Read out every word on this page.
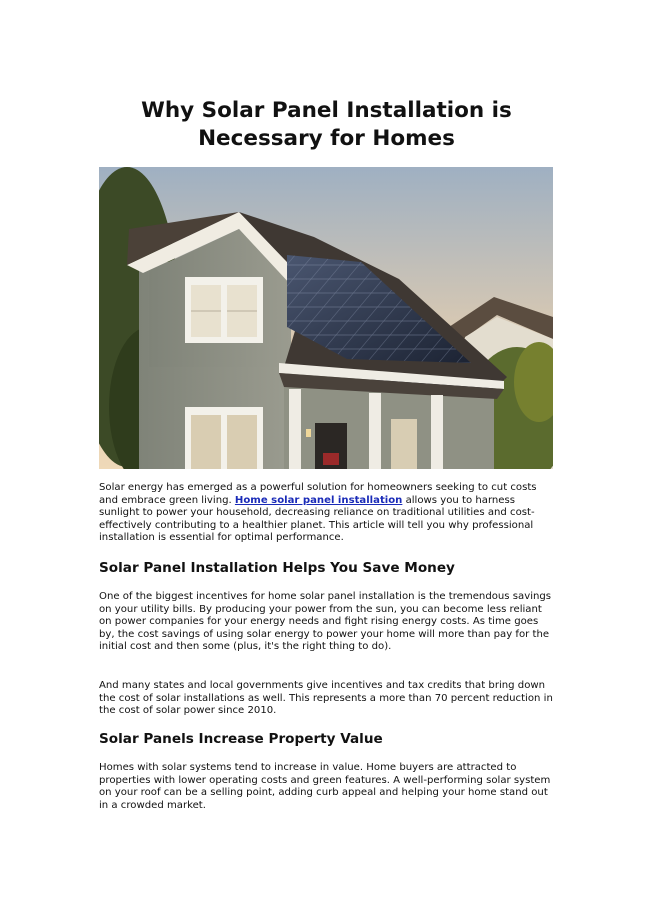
Why Solar Panel Installation is
Necessary for Homes

Solar energy has emerged as a powerful solution for homeowners seeking to cut costs and embrace green living. Home solar panel installation allows you to harness sunlight to power your household, decreasing reliance on traditional utilities and cost-effectively contributing to a healthier planet. This article will tell you why professional installation is essential for optimal performance.

Solar Panel Installation Helps You Save Money

One of the biggest incentives for home solar panel installation is the tremendous savings on your utility bills. By producing your power from the sun, you can become less reliant on power companies for your energy needs and fight rising energy costs. As time goes by, the cost savings of using solar energy to power your home will more than pay for the initial cost and then some (plus, it's the right thing to do).

And many states and local governments give incentives and tax credits that bring down the cost of solar installations as well. This represents a more than 70 percent reduction in the cost of solar power since 2010.

Solar Panels Increase Property Value

Homes with solar systems tend to increase in value. Home buyers are attracted to properties with lower operating costs and green features. A well-performing solar system on your roof can be a selling point, adding curb appeal and helping your home stand out in a crowded market.
